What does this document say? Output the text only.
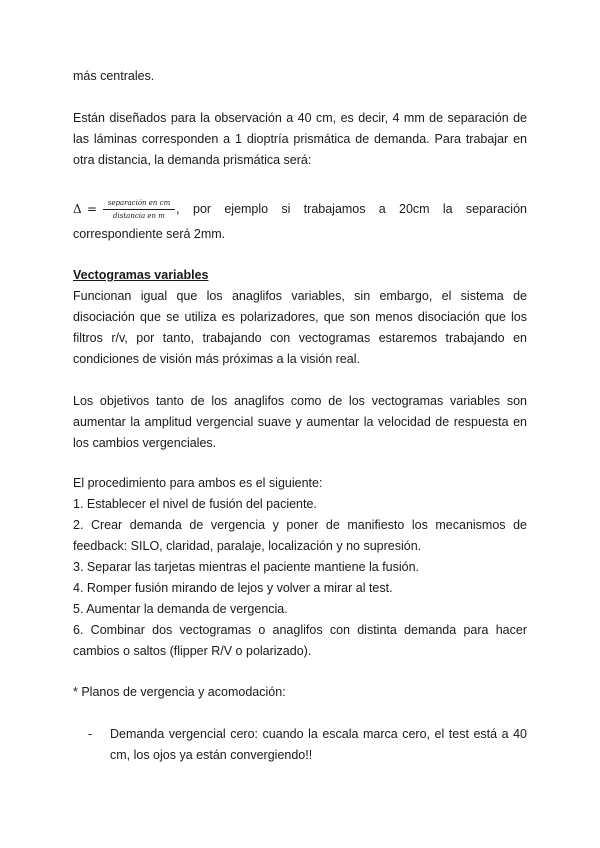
más centrales.

Están diseñados para la observación a 40 cm, es decir, 4 mm de separación de las láminas corresponden a 1 dioptría prismática de demanda. Para trabajar en otra distancia, la demanda prismática será:

Δ =	separación en cm
distancia en m , por ejemplo si trabajamos a 20cm la separación

correspondiente será 2mm.

Vectogramas variables

Funcionan igual que los anaglifos variables, sin embargo, el sistema de disociación que se utiliza es polarizadores, que son menos disociación que los filtros r/v, por tanto, trabajando con vectogramas estaremos trabajando en condiciones de visión más próximas a la visión real.

Los objetivos tanto de los anaglifos como de los vectogramas variables son aumentar la amplitud vergencial suave y aumentar la velocidad de respuesta en los cambios vergenciales.

El procedimiento para ambos es el siguiente:

1. Establecer el nivel de fusión del paciente.

2. Crear demanda de vergencia y poner de manifiesto los mecanismos de feedback: SILO, claridad, paralaje, localización y no supresión.

3. Separar las tarjetas mientras el paciente mantiene la fusión.

4. Romper fusión mirando de lejos y volver a mirar al test.

5. Aumentar la demanda de vergencia.

6. Combinar dos vectogramas o anaglifos con distinta demanda para hacer cambios o saltos (flipper R/V o polarizado).

* Planos de vergencia y acomodación:

- Demanda vergencial cero: cuando la escala marca cero, el test está a 40 cm, los ojos ya están convergiendo!!
